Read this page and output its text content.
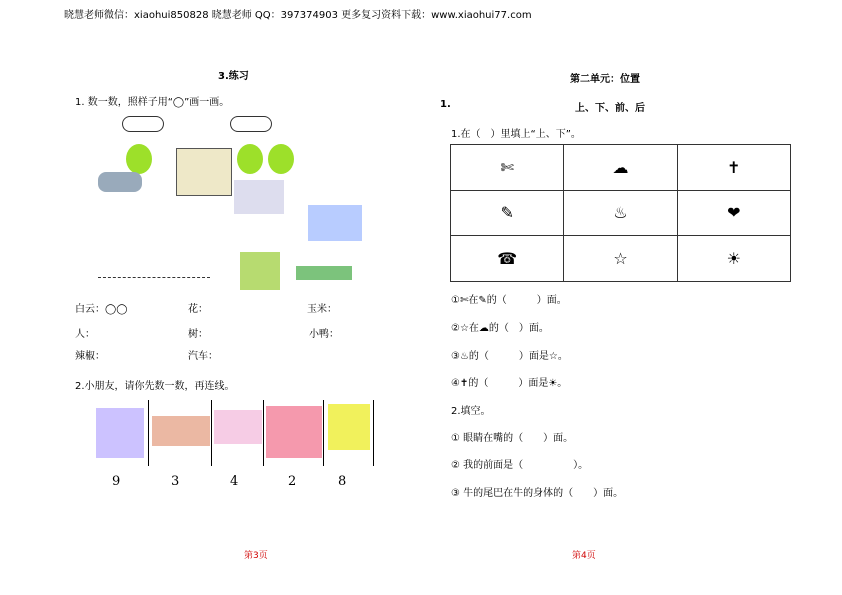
晓慧老师微信：xiaohui850828 晓慧老师 QQ：397374903 更多复习资料下载：www.xiaohui77.com
3.练习
1. 数一数，照样子用“◯”画一画。
白云：◯◯	花：	玉米：
人：	树：	小鸭：
辣椒：	汽车：
2.小朋友，请你先数一数，再连线。
9	3	4	2	8
第3页
第二单元：位置
1.	上、下、前、后
1.在（　）里填上“上、下”。
✄	☁	✝
✎	♨	❤
☎	☆	☀
①✄在✎的（　　　）面。
②☆在☁的（　）面。
③♨的（　　　）面是☆。
④✝的（　　　）面是☀。
2.填空。
① 眼睛在嘴的（　　）面。
② 我的前面是（　　　　　）。
③ 牛的尾巴在牛的身体的（　　）面。
第4页
